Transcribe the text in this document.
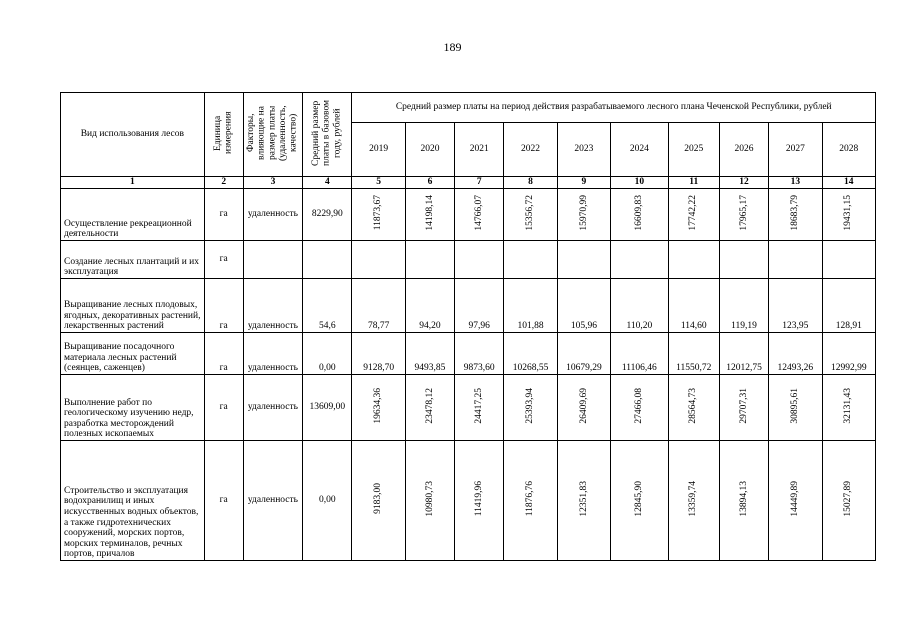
189
Вид использования лесов	Единица измерения	Факторы, влияющие на размер платы (удаленность, качество)	Средний размер платы в базовом году, рублей	Средний размер платы на период действия разрабатываемого лесного плана Чеченской Республики, рублей									
				2019	2020	2021	2022	2023	2024	2025	2026	2027	2028
1	2	3	4	5	6	7	8	9	10	11	12	13	14
Осуществление рекреационной деятельности	га	удаленность	8229,90	11873,67	14198,14	14766,07	15356,72	15970,99	16609,83	17742,22	17965,17	18683,79	19431,15
Создание лесных плантаций и их эксплуатация	га												
Выращивание лесных плодовых, ягодных, декоративных растений, лекарственных растений	га	удаленность	54,6	78,77	94,20	97,96	101,88	105,96	110,20	114,60	119,19	123,95	128,91
Выращивание посадочного материала лесных растений (сеянцев, саженцев)	га	удаленность	0,00	9128,70	9493,85	9873,60	10268,55	10679,29	11106,46	11550,72	12012,75	12493,26	12992,99
Выполнение работ по геологическому изучению недр, разработка месторождений полезных ископаемых	га	удаленность	13609,00	19634,36	23478,12	24417,25	25393,94	26409,69	27466,08	28564,73	29707,31	30895,61	32131,43
Строительство и эксплуатация водохранилищ и иных искусственных водных объектов, а также гидротехнических сооружений, морских портов, морских терминалов, речных портов, причалов	га	удаленность	0,00	9183,00	10980,73	11419,96	11876,76	12351,83	12845,90	13359,74	13894,13	14449,89	15027,89
